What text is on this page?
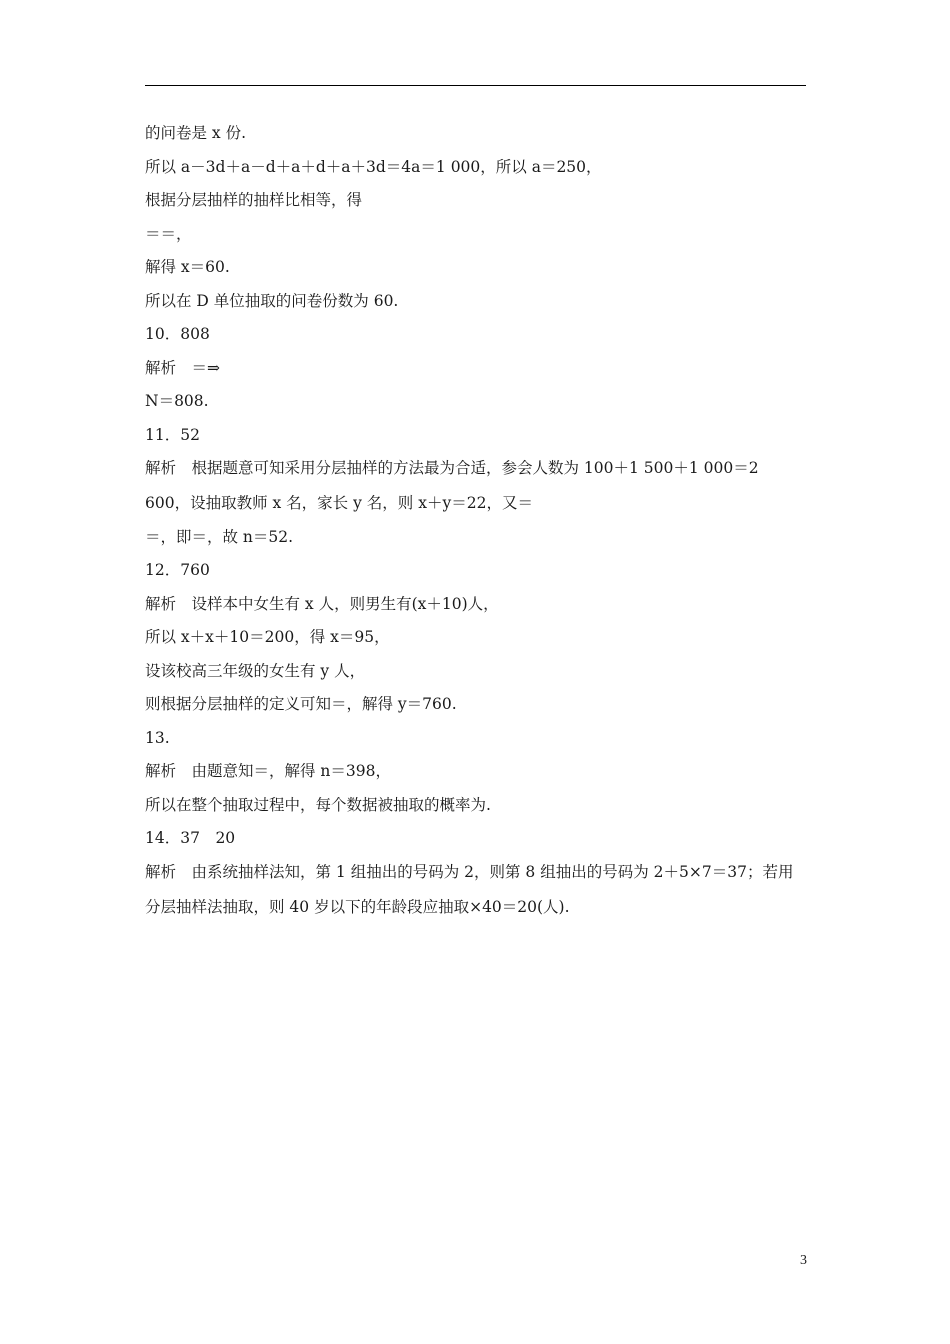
的问卷是 x 份.
所以 a－3d＋a－d＋a＋d＋a＋3d＝4a＝1 000，所以 a＝250，
根据分层抽样的抽样比相等，得
＝＝，
解得 x＝60.
所以在 D 单位抽取的问卷份数为 60.
10．808
解析　＝⇒
N＝808.
11．52
解析　根据题意可知采用分层抽样的方法最为合适，参会人数为 100＋1 500＋1 000＝2
600，设抽取教师 x 名，家长 y 名，则 x＋y＝22，又＝
＝，即＝，故 n＝52.
12．760
解析　设样本中女生有 x 人，则男生有(x＋10)人，
所以 x＋x＋10＝200，得 x＝95，
设该校高三年级的女生有 y 人，
则根据分层抽样的定义可知＝，解得 y＝760.
13.
解析　由题意知＝，解得 n＝398，
所以在整个抽取过程中，每个数据被抽取的概率为.
14．37　20
解析　由系统抽样法知，第 1 组抽出的号码为 2，则第 8 组抽出的号码为 2＋5×7＝37；若用
分层抽样法抽取，则 40 岁以下的年龄段应抽取×40＝20(人).
3
